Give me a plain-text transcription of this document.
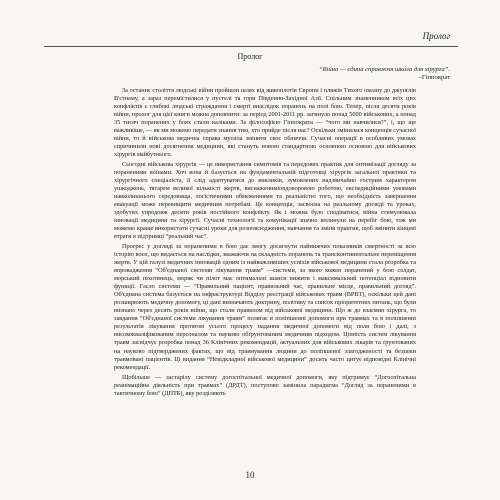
Пролог
Пролог
“Війна — єдина справжня школа для хірурга”.
–Гіппократ

За останнє століття людські війни пройшли шлях від живоплотів Європи і пляжів Тихого океану до джунглів В'єтнаму, а зараз перемістилися у пустелі та гори Південно-Західної Азії. Спільним знаменником всіх цих конфліктів є глибокі людські страждання і смерті внаслідок поранень на полі бою. Тепер, після десяти років війни, пролог для цієї книги можна доповнити: за період 2001-2011 рр. загинуло понад 5000 військових, а понад 35 тисяч поранених у боях стали каліками. За філософією Гіппократа — “чого ми навчилися?”, і, що ще важливіше, — як ми можемо передати знання тим, хто прийде після нас? Оскільки змінилася концепція сучасної війни, то й військова медична справа мусила змінити своє обличчя. Сучасні операції в особливих умовах спричинили нові досягнення медицини, які стануть новою стандартною основною основою для військових хірургів майбутнього.

Сьогодні військова хірургія — це використання симптомів та передових практик для оптимізації догляду за пораненими воїнами. Хоч вона й базується на фундаментальній підготовці хірургів загальної практики та хірургічного спеціаліста, її слід адаптуватися до викликів, зумовлених надзвичайно гострим характером ушкоджень, тягарем великої кількості жертв, виснаженимionдоворовою роботою, експедиційними умовами навколишнього середовища, логістичними обмеженнями та реальністю того, що необхідність завершення евакуації може перевищити медичним потребам. Це концепція, засвоєна на реальному досвіді та уроках, здобутих упродовж десяти років постійного конфлікту. Як і можна було сподіватися, війна стимулювала інновації медицини та хірургії. Сучасні технології та комунікації значно вплинули на перебіг бою, тож ми можемо краще використати сучасні уроки для розповсюдження, навчання та зміни практик, щоб змінити кінцеві втрати в підтримці “реальний час”.

Прогрес у догляді за пораненими в бою дає змогу досягнути найнижчих показників смертності за всю історію воєн, що видається на наслідки, зважаючи на складність поранень та трансконтинентальне переміщення жертв. У цій галузі медичних інновацій одним із найважливіших успіхів військової медицини стала розробка та впровадження “Об'єднаної системи лікування травм” —системи, за якою кожен поранений у бою солдат, морський піхотинець, моряк чи пілот має оптимальні шанси вижити і максимальний потенціал відновити функції. Гасло системи — “Правильний пацієнт, правильний час, правильне місце, правильний догляд”. Об'єднана система базується на інфраструктурі Відділу реєстрації військових травм (ВРВТ), оскільки цей дані розширюють медичну допомогу, ці дані визначають доктрину, політику та список пріоритетних питань, що були визнано через десять років війни, що стали правилом від військової медицини. Що ж до взаємин хірурга, то завдання “Об'єднаної системи лікування травм” полягає в поліпшенні допомоги при травмах та в поліпшенні результатів лікування протягом усього процесу надання медичної допомоги від поля бою і далі, з висококваліфікованим персоналом та науково обґрунтованим медичним підходом. Цінність систем лікування травм засвідчує розробка понад 36 Клінічних рекомендацій, актуальних для військових лікарів та ґрунтованих на науково підтверджених фактах, що від травмування людини до поліпшеної злагодженості та безпеки травмовані пацієнтів. Ці видання “Невідкладної військової медицини” досить часто цитує відповідні Клінічні рекомендації.

Щобільше — застарілу систему догоспітальної медичної допомоги, яку підтримує “Догоспітальна реанімаційна діяльність при травмах” (ДРДТ), поступово замінила парадигма “Догляд за пораненими в тактичному бою” (ДПТБ), яку розділяють

10
